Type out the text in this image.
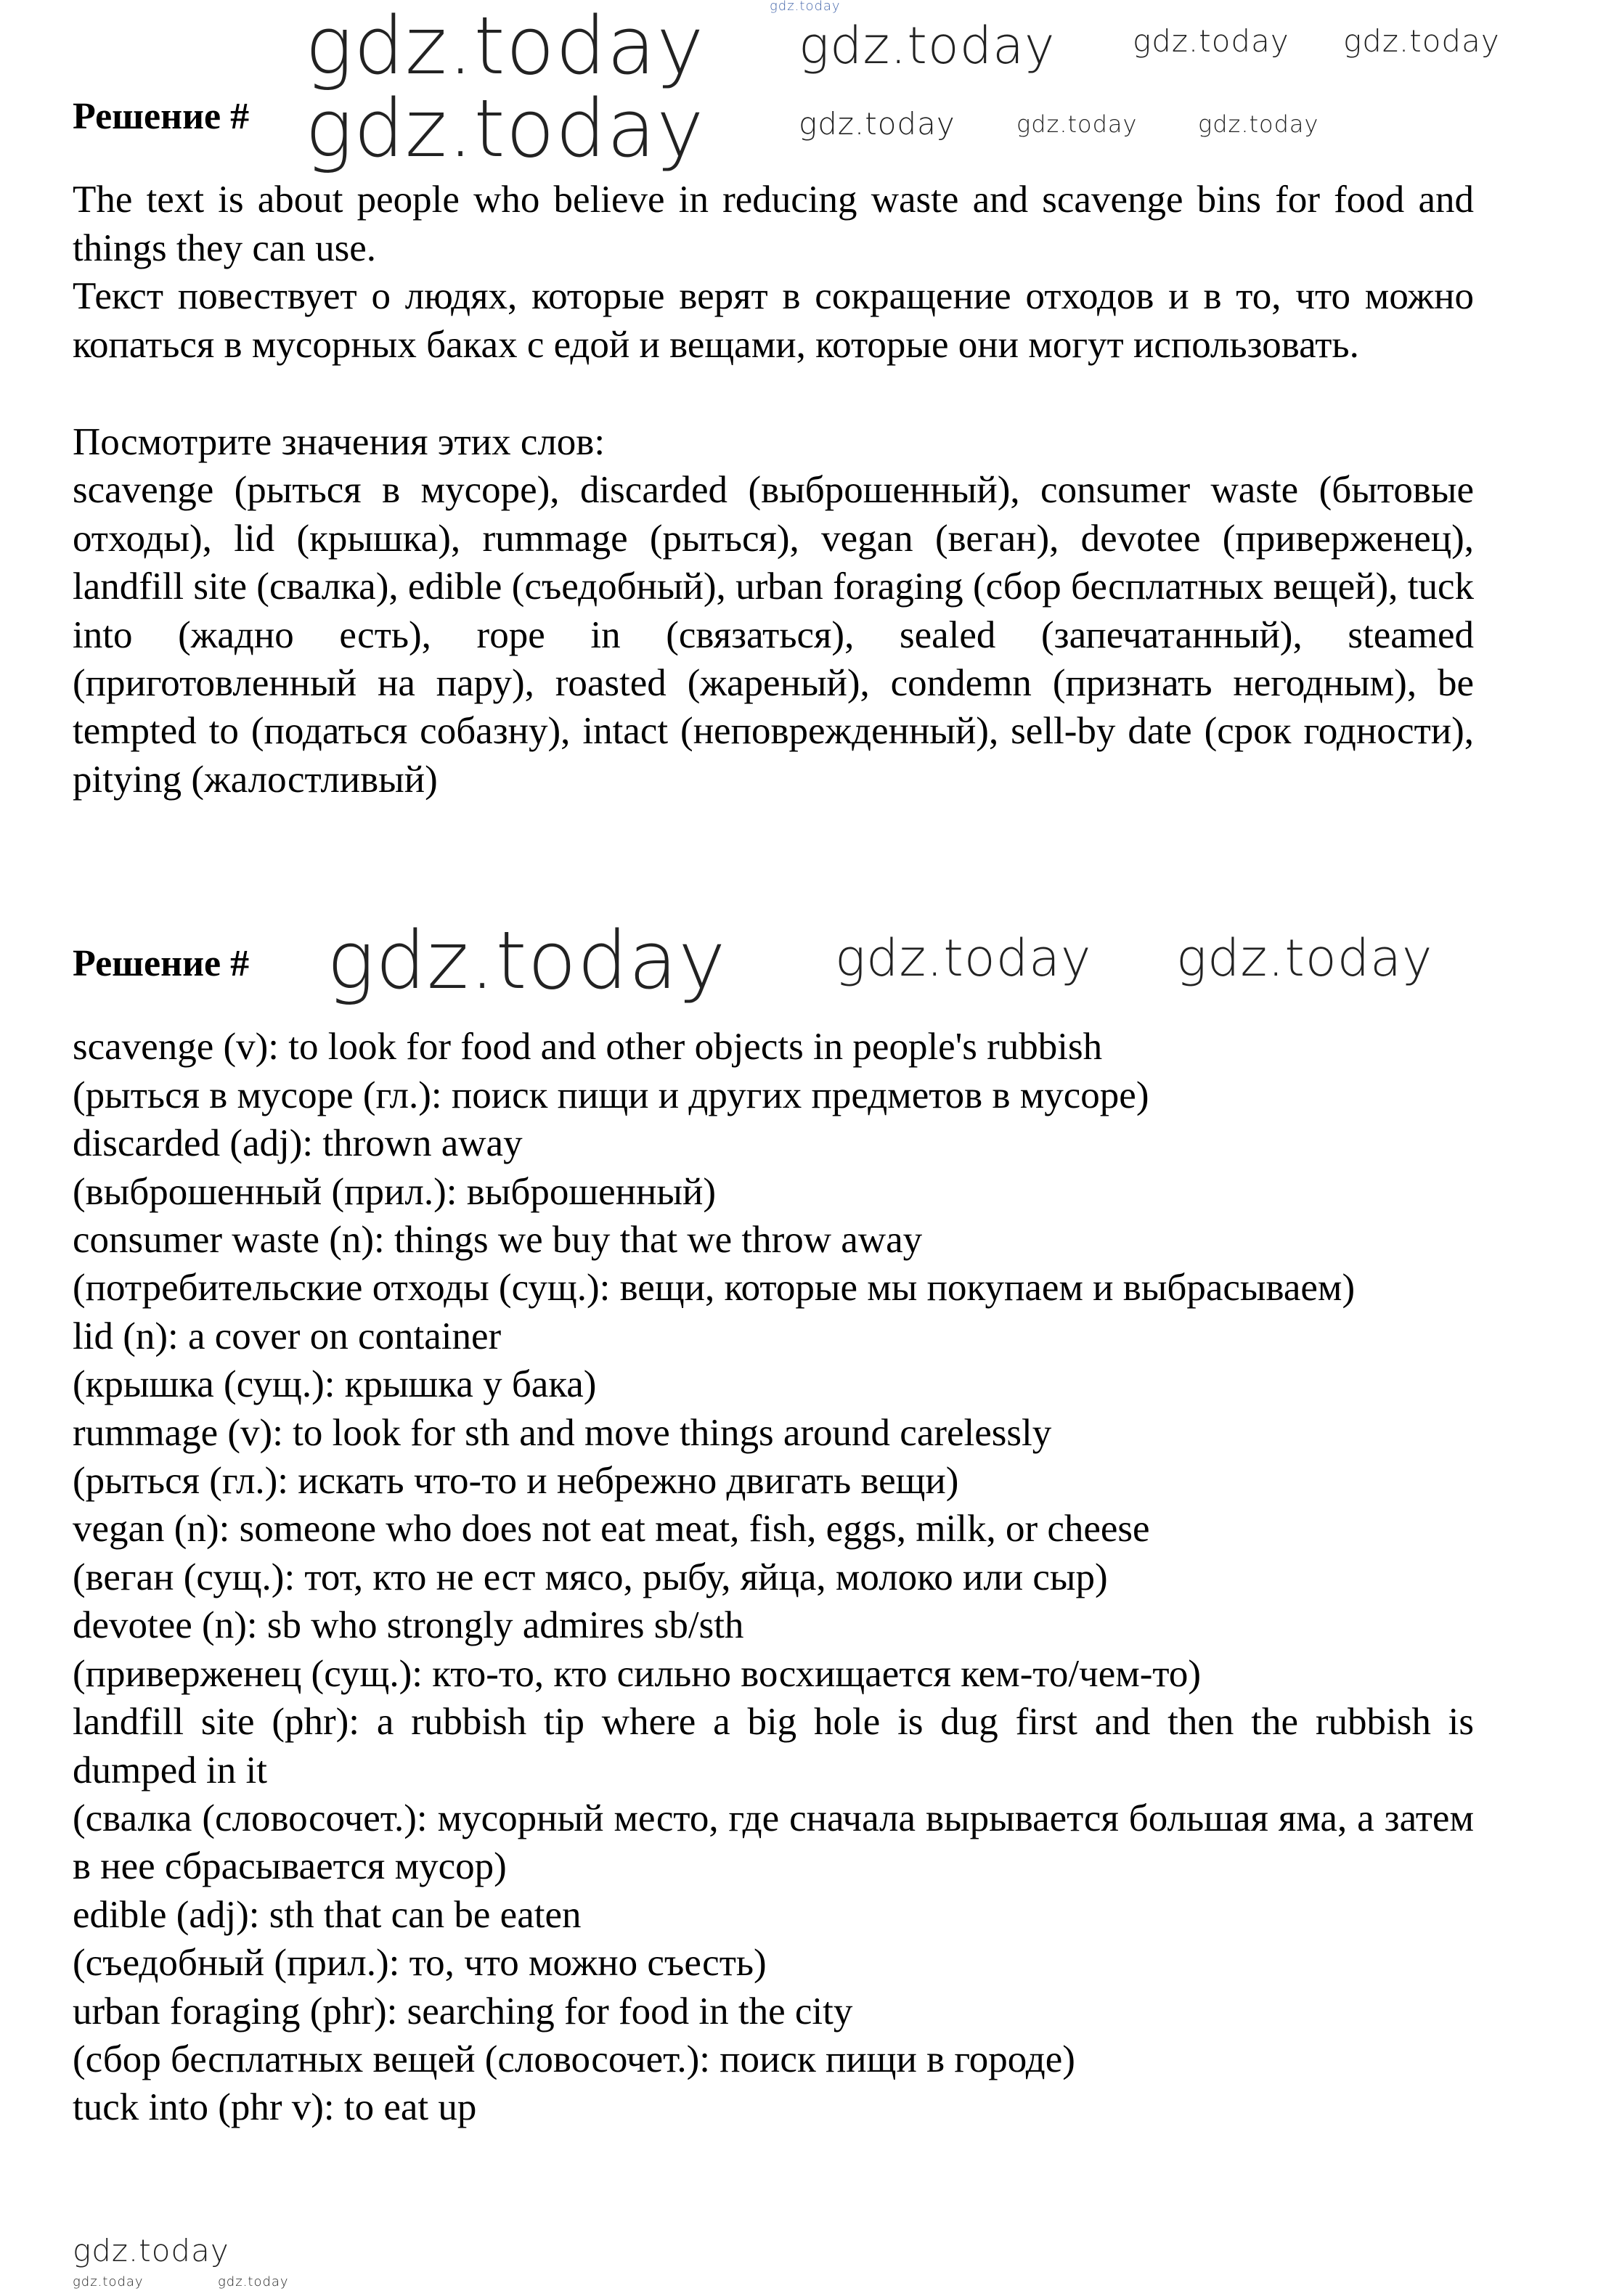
Решение #

The text is about people who believe in reducing waste and scavenge bins for food and things they can use.

Текст повествует о людях, которые верят в сокращение отходов и в то, что можно копаться в мусорных баках с едой и вещами, которые они могут использовать.

Посмотрите значения этих слов:

scavenge (рыться в мусоре), discarded (выброшенный), consumer waste (бытовые отходы), lid (крышка), rummage (рыться), vegan (веган), devotee (приверженец), landfill site (свалка), edible (съедобный), urban foraging (сбор бесплатных вещей), tuck into (жадно есть), rope in (связаться), sealed (запечатанный), steamed (приготовленный на пару), roasted (жареный), condemn (признать негодным), be tempted to (податься собазну), intact (неповрежденный), sell-by date (срок годности), pitying (жалостливый)

Решение #

scavenge (v): to look for food and other objects in people's rubbish

(рыться в мусоре (гл.): поиск пищи и других предметов в мусоре)

discarded (adj): thrown away

(выброшенный (прил.): выброшенный)

consumer waste (n): things we buy that we throw away

(потребительские отходы (сущ.): вещи, которые мы покупаем и выбрасываем)

lid (n): a cover on container

(крышка (сущ.): крышка у бака)

rummage (v): to look for sth and move things around carelessly

(рыться (гл.): искать что-то и небрежно двигать вещи)

vegan (n): someone who does not eat meat, fish, eggs, milk, or cheese

(веган (сущ.): тот, кто не ест мясо, рыбу, яйца, молоко или сыр)

devotee (n): sb who strongly admires sb/sth

(приверженец (сущ.): кто-то, кто сильно восхищается кем-то/чем-то)

landfill site (phr): a rubbish tip where a big hole is dug first and then the rubbish is dumped in it

(свалка (словосочет.): мусорный место, где сначала вырывается большая яма, а затем в нее сбрасывается мусор)

edible (adj): sth that can be eaten

(съедобный (прил.): то, что можно съесть)

urban foraging (phr): searching for food in the city

(сбор бесплатных вещей (словосочет.): поиск пищи в городе)

tuck into (phr v): to eat up

gdz.today
gdz.today gdz.today	gdz.today gdz.today
gdz.today	gdz.today	gdz.today	gdz.today
gdz.today gdz.today gdz.today
gdz.today
gdz.today	gdz.today
